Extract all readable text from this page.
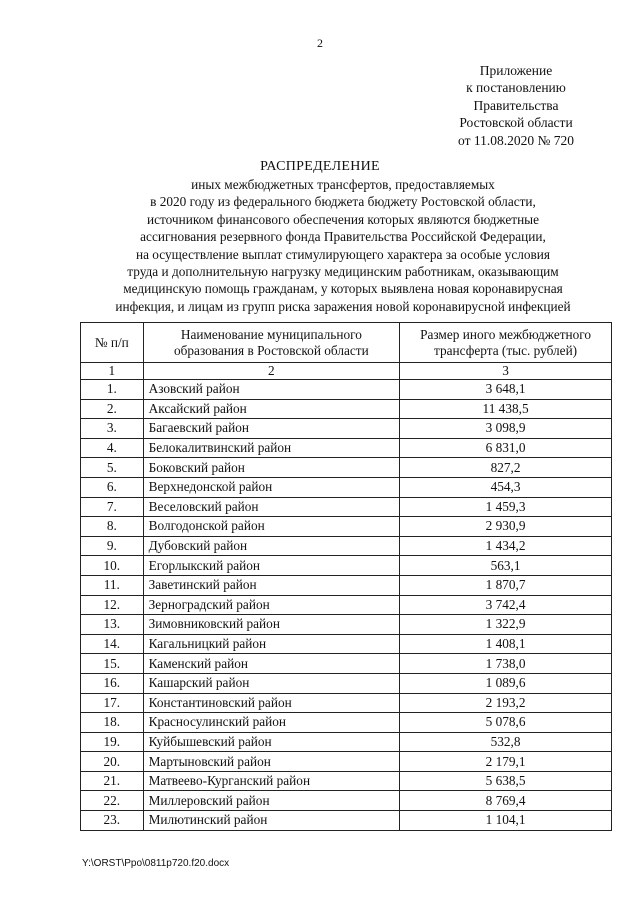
2
Приложение
к постановлению
Правительства
Ростовской области
от 11.08.2020 № 720
РАСПРЕДЕЛЕНИЕ
иных межбюджетных трансфертов, предоставляемых
в 2020 году из федерального бюджета бюджету Ростовской области,
источником финансового обеспечения которых являются бюджетные
ассигнования резервного фонда Правительства Российской Федерации,
на осуществление выплат стимулирующего характера за особые условия
труда и дополнительную нагрузку медицинским работникам, оказывающим
медицинскую помощь гражданам, у которых выявлена новая коронавирусная
инфекция, и лицам из групп риска заражения новой коронавирусной инфекцией
№ п/п	Наименование муниципального образования в Ростовской области	Размер иного межбюджетного трансферта (тыс. рублей)
1	2	3
1.	Азовский район	3 648,1
2.	Аксайский район	11 438,5
3.	Багаевский район	3 098,9
4.	Белокалитвинский район	6 831,0
5.	Боковский район	827,2
6.	Верхнедонской район	454,3
7.	Веселовский район	1 459,3
8.	Волгодонской район	2 930,9
9.	Дубовский район	1 434,2
10.	Егорлыкский район	563,1
11.	Заветинский район	1 870,7
12.	Зерноградский район	3 742,4
13.	Зимовниковский район	1 322,9
14.	Кагальницкий район	1 408,1
15.	Каменский район	1 738,0
16.	Кашарский район	1 089,6
17.	Константиновский район	2 193,2
18.	Красносулинский район	5 078,6
19.	Куйбышевский район	532,8
20.	Мартыновский район	2 179,1
21.	Матвеево-Курганский район	5 638,5
22.	Миллеровский район	8 769,4
23.	Милютинский район	1 104,1
Y:\ORST\Ppo\0811p720.f20.docx
